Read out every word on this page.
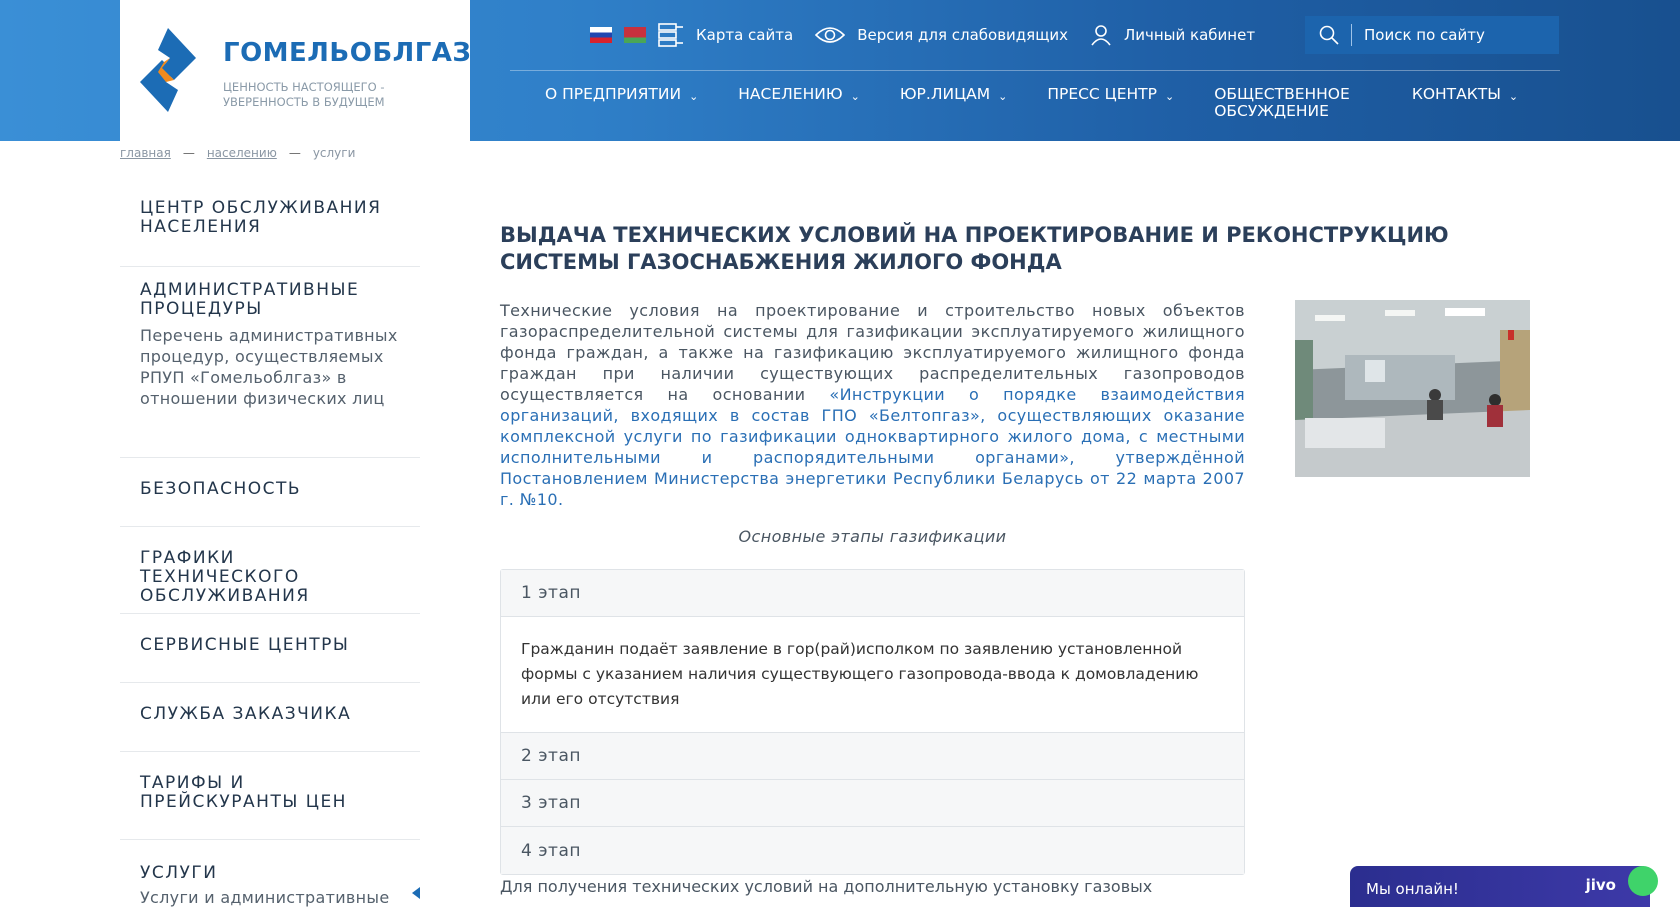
ГОМЕЛЬОБЛГАЗ
ЦЕННОСТЬ НАСТОЯЩЕГО -
УВЕРЕННОСТЬ В БУДУЩЕМ
Карта сайта	Версия для слабовидящих	Личный кабинет	Поиск по сайту
О ПРЕДПРИЯТИИ ⌄	НАСЕЛЕНИЮ ⌄	ЮР.ЛИЦАМ ⌄	ПРЕСС ЦЕНТР ⌄	ОБЩЕСТВЕННОЕ
ОБСУЖДЕНИЕ
КОНТАКТЫ ⌄
главная — населению — услуги
ЦЕНТР ОБСЛУЖИВАНИЯ
НАСЕЛЕНИЯ
АДМИНИСТРАТИВНЫЕ
ПРОЦЕДУРЫ
Перечень административных процедур, осуществляемых РПУП «Гомельоблгаз» в отношении физических лиц
БЕЗОПАСНОСТЬ
ГРАФИКИ ТЕХНИЧЕСКОГО
ОБСЛУЖИВАНИЯ
СЕРВИСНЫЕ ЦЕНТРЫ
СЛУЖБА ЗАКАЗЧИКА
ТАРИФЫ И
ПРЕЙСКУРАНТЫ ЦЕН
УСЛУГИ
Услуги и административные
ВЫДАЧА ТЕХНИЧЕСКИХ УСЛОВИЙ НА ПРОЕКТИРОВАНИЕ И РЕКОНСТРУКЦИЮ СИСТЕМЫ ГАЗОСНАБЖЕНИЯ ЖИЛОГО ФОНДА
Технические условия на проектирование и строительство новых объектов газораспределительной системы для газификации эксплуатируемого жилищного фонда граждан, а также на газификацию эксплуатируемого жилищного фонда граждан при наличии существующих распределительных газопроводов осуществляется на основании «Инструкции о порядке взаимодействия организаций, входящих в состав ГПО «Белтопгаз», осуществляющих оказание комплексной услуги по газификации одноквартирного жилого дома, с местными исполнительными и распорядительными органами», утверждённой Постановлением Министерства энергетики Республики Беларусь от 22 марта 2007 г. №10.
Основные этапы газификации
1 этап
Гражданин подаёт заявление в гор(рай)исполком по заявлению установленной формы с указанием наличия существующего газопровода-ввода к домовладению или его отсутствия
2 этап
3 этап
4 этап
Для получения технических условий на дополнительную установку газовых	Мы онлайн!	jivo
